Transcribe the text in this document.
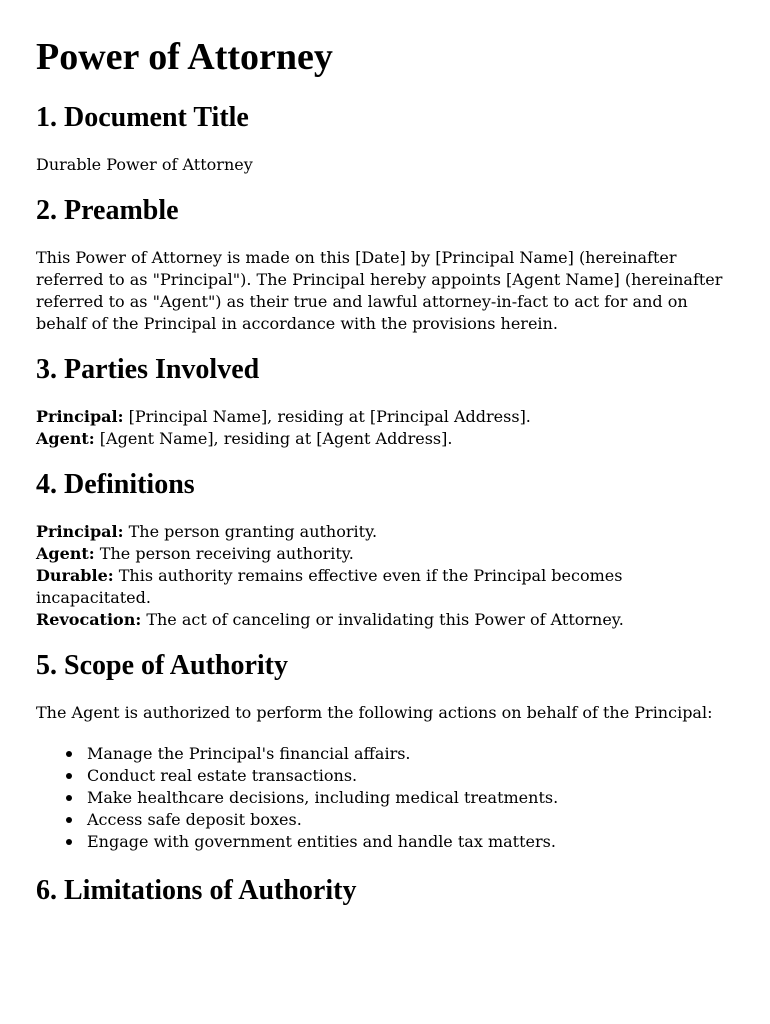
Power of Attorney
1. Document Title

Durable Power of Attorney

2. Preamble

This Power of Attorney is made on this [Date] by [Principal Name] (hereinafter referred to as "Principal"). The Principal hereby appoints [Agent Name] (hereinafter referred to as "Agent") as their true and lawful attorney-in-fact to act for and on behalf of the Principal in accordance with the provisions herein.

3. Parties Involved

Principal: [Principal Name], residing at [Principal Address].
Agent: [Agent Name], residing at [Agent Address].

4. Definitions

Principal: The person granting authority.
Agent: The person receiving authority.
Durable: This authority remains effective even if the Principal becomes incapacitated.
Revocation: The act of canceling or invalidating this Power of Attorney.

5. Scope of Authority

The Agent is authorized to perform the following actions on behalf of the Principal:

Manage the Principal's financial affairs.
Conduct real estate transactions.
Make healthcare decisions, including medical treatments.
Access safe deposit boxes.
Engage with government entities and handle tax matters.
6. Limitations of Authority
